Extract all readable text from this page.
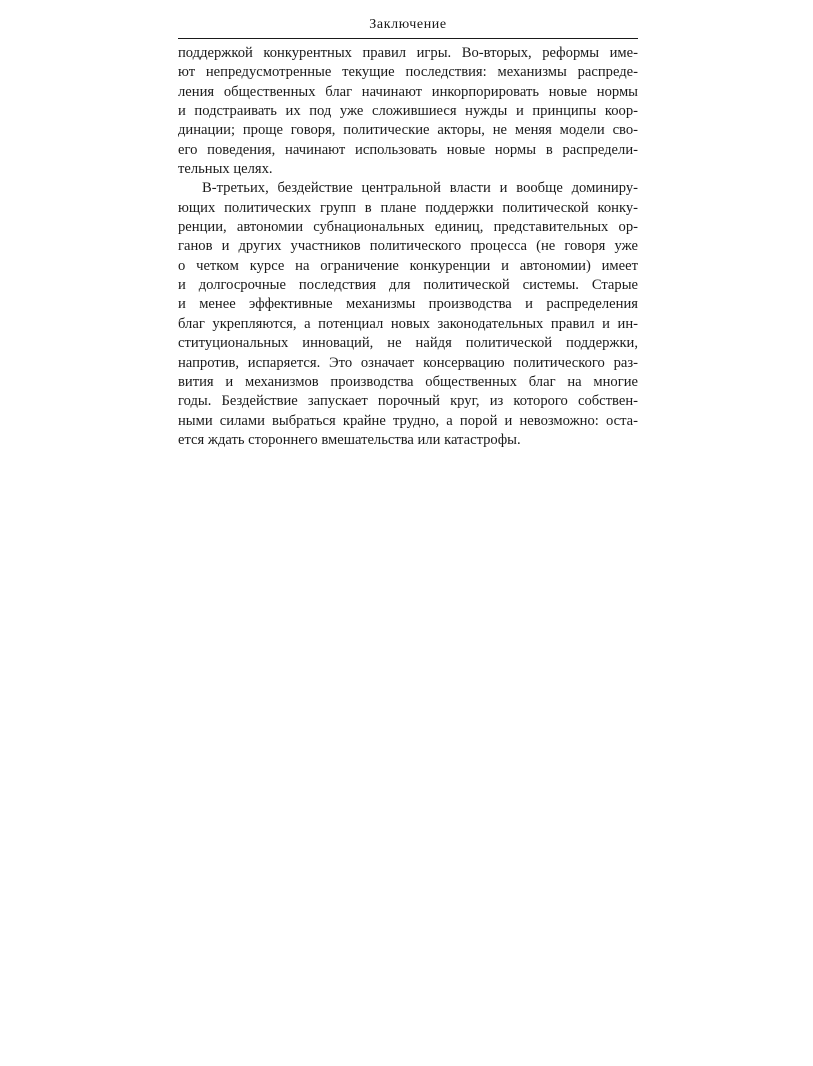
Заключение

поддержкой конкурентных правил игры. Во-вторых, реформы име-
ют непредусмотренные текущие последствия: механизмы распреде-
ления общественных благ начинают инкорпорировать новые нормы
и подстраивать их под уже сложившиеся нужды и принципы коор-
динации; проще говоря, политические акторы, не меняя модели сво-
его поведения, начинают использовать новые нормы в распредели-
тельных целях.

В-третьих, бездействие центральной власти и вообще доминиру-
ющих политических групп в плане поддержки политической конку-
ренции, автономии субнациональных единиц, представительных ор-
ганов и других участников политического процесса (не говоря уже
о четком курсе на ограничение конкуренции и автономии) имеет
и долгосрочные последствия для политической системы. Старые
и менее эффективные механизмы производства и распределения
благ укрепляются, а потенциал новых законодательных правил и ин-
ституциональных инноваций, не найдя политической поддержки,
напротив, испаряется. Это означает консервацию политического раз-
вития и механизмов производства общественных благ на многие
годы. Бездействие запускает порочный круг, из которого собствен-
ными силами выбраться крайне трудно, а порой и невозможно: оста-
ется ждать стороннего вмешательства или катастрофы.
